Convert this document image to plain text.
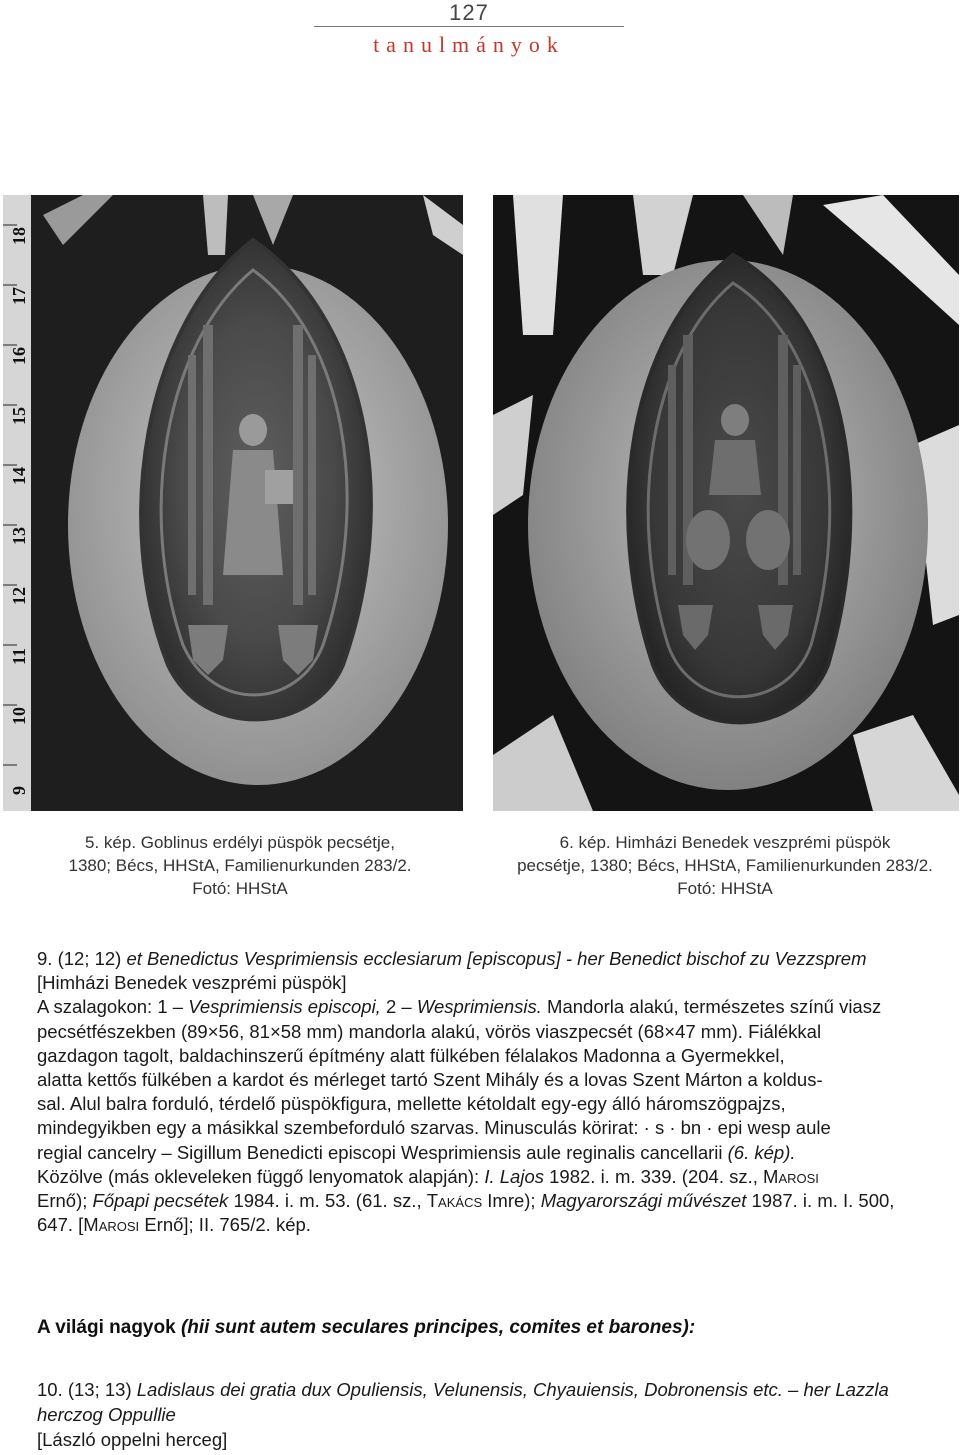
127
tanulmányok
9
10
11
12
13
14
15
16
17
18
5. kép. Goblinus erdélyi püspök pecsétje,
1380; Bécs, HHStA, Familienurkunden 283/2.
Fotó: HHStA
6. kép. Himházi Benedek veszprémi püspök
pecsétje, 1380; Bécs, HHStA, Familienurkunden 283/2.
Fotó: HHStA
9. (12; 12) et Benedictus Vesprimiensis ecclesiarum [episcopus] - her Benedict bischof zu Vezzsprem
[Himházi Benedek veszprémi püspök]
A szalagokon: 1 – Vesprimiensis episcopi, 2 – Wesprimiensis. Mandorla alakú, természetes színű viasz
pecsétfészekben (89×56, 81×58 mm) mandorla alakú, vörös viaszpecsét (68×47 mm). Fiálékkal
gazdagon tagolt, baldachinszerű építmény alatt fülkében félalakos Madonna a Gyermekkel,
alatta kettős fülkében a kardot és mérleget tartó Szent Mihály és a lovas Szent Márton a koldus-
sal. Alul balra forduló, térdelő püspökfigura, mellette kétoldalt egy-egy álló háromszögpajzs,
mindegyikben egy a másikkal szembeforduló szarvas. Minusculás körirat: · s · bn · epi wesp aule
regial cancelry – Sigillum Benedicti episcopi Wesprimiensis aule reginalis cancellarii (6. kép).
Közölve (más okleveleken függő lenyomatok alapján): I. Lajos 1982. i. m. 339. (204. sz., Marosi
Ernő); Főpapi pecsétek 1984. i. m. 53. (61. sz., Takács Imre); Magyarországi művészet 1987. i. m. I. 500,
647. [Marosi Ernő]; II. 765/2. kép.
A világi nagyok (hii sunt autem seculares principes, comites et barones):
10. (13; 13) Ladislaus dei gratia dux Opuliensis, Velunensis, Chyauiensis, Dobronensis etc. – her Lazzla
herczog Oppullie
[László oppelni herceg]
